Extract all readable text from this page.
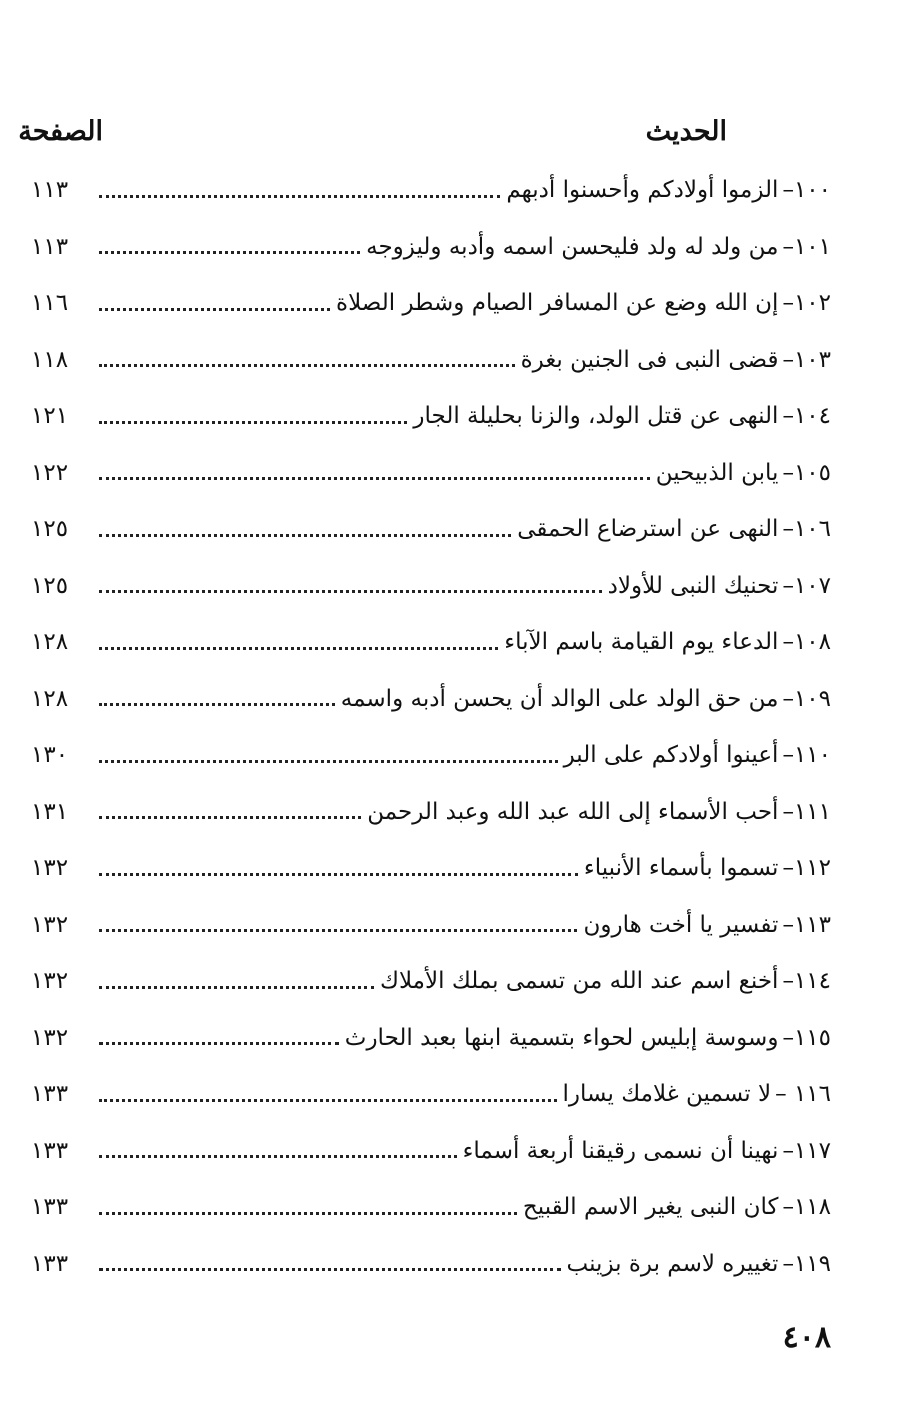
الحديث
الصفحة
١٠٠–
الزموا أولادكم وأحسنوا أدبهم
١١٣
١٠١–
من ولد له ولد فليحسن اسمه وأدبه وليزوجه
١١٣
١٠٢–
إن الله وضع عن المسافر الصيام وشطر الصلاة
١١٦
١٠٣–
قضى النبى فى الجنين بغرة
١١٨
١٠٤–
النهى عن قتل الولد، والزنا بحليلة الجار
١٢١
١٠٥–
يابن الذبيحين
١٢٢
١٠٦–
النهى عن استرضاع الحمقى
١٢٥
١٠٧–
تحنيك النبى للأولاد
١٢٥
١٠٨–
الدعاء يوم القيامة باسم الآباء
١٢٨
١٠٩–
من حق الولد على الوالد أن يحسن أدبه واسمه
١٢٨
١١٠–
أعينوا أولادكم على البر
١٣٠
١١١–
أحب الأسماء إلى الله عبد الله وعبد الرحمن
١٣١
١١٢–
تسموا بأسماء الأنبياء
١٣٢
١١٣–
تفسير يا أخت هارون
١٣٢
١١٤–
أخنع اسم عند الله من تسمى بملك الأملاك
١٣٢
١١٥–
وسوسة إبليس لحواء بتسمية ابنها بعبد الحارث
١٣٢
١١٦ –
لا تسمين غلامك يسارا
١٣٣
١١٧–
نهينا أن نسمى رقيقنا أربعة أسماء
١٣٣
١١٨–
كان النبى يغير الاسم القبيح
١٣٣
١١٩–
تغييره لاسم برة بزينب
١٣٣
٤٠٨
